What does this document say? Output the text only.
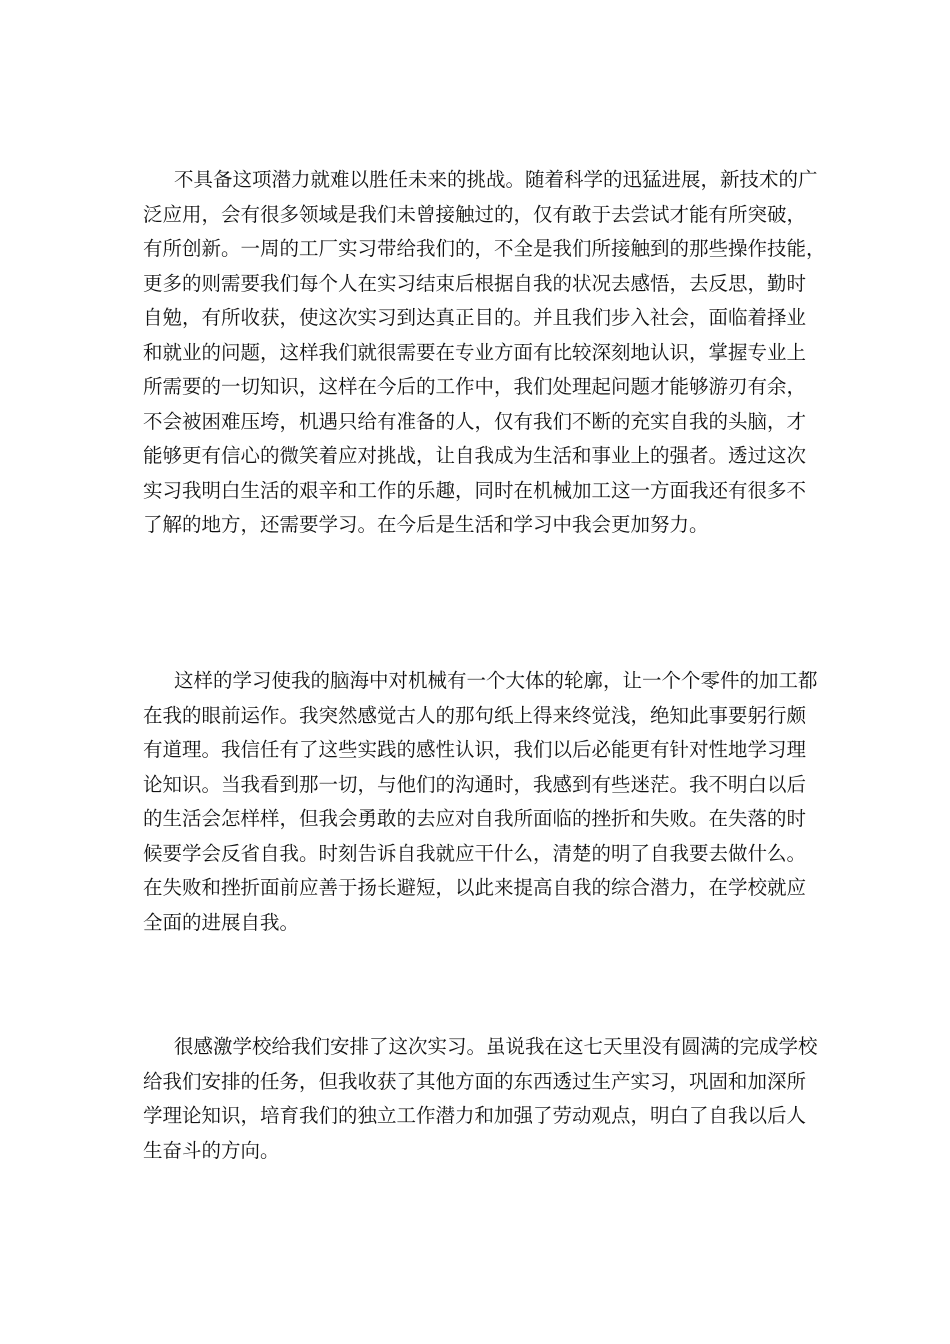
不具备这项潜力就难以胜任未来的挑战。随着科学的迅猛进展，新技术的广
泛应用，会有很多领域是我们未曾接触过的，仅有敢于去尝试才能有所突破，
有所创新。一周的工厂实习带给我们的，不全是我们所接触到的那些操作技能，
更多的则需要我们每个人在实习结束后根据自我的状况去感悟，去反思，勤时
自勉，有所收获，使这次实习到达真正目的。并且我们步入社会，面临着择业
和就业的问题，这样我们就很需要在专业方面有比较深刻地认识，掌握专业上
所需要的一切知识，这样在今后的工作中，我们处理起问题才能够游刃有余，
不会被困难压垮，机遇只给有准备的人，仅有我们不断的充实自我的头脑，才
能够更有信心的微笑着应对挑战，让自我成为生活和事业上的强者。透过这次
实习我明白生活的艰辛和工作的乐趣，同时在机械加工这一方面我还有很多不
了解的地方，还需要学习。在今后是生活和学习中我会更加努力。
这样的学习使我的脑海中对机械有一个大体的轮廓，让一个个零件的加工都
在我的眼前运作。我突然感觉古人的那句纸上得来终觉浅，绝知此事要躬行颇
有道理。我信任有了这些实践的感性认识，我们以后必能更有针对性地学习理
论知识。当我看到那一切，与他们的沟通时，我感到有些迷茫。我不明白以后
的生活会怎样样，但我会勇敢的去应对自我所面临的挫折和失败。在失落的时
候要学会反省自我。时刻告诉自我就应干什么，清楚的明了自我要去做什么。
在失败和挫折面前应善于扬长避短，以此来提高自我的综合潜力，在学校就应
全面的进展自我。
很感激学校给我们安排了这次实习。虽说我在这七天里没有圆满的完成学校
给我们安排的任务，但我收获了其他方面的东西透过生产实习，巩固和加深所
学理论知识，培育我们的独立工作潜力和加强了劳动观点，明白了自我以后人
生奋斗的方向。
